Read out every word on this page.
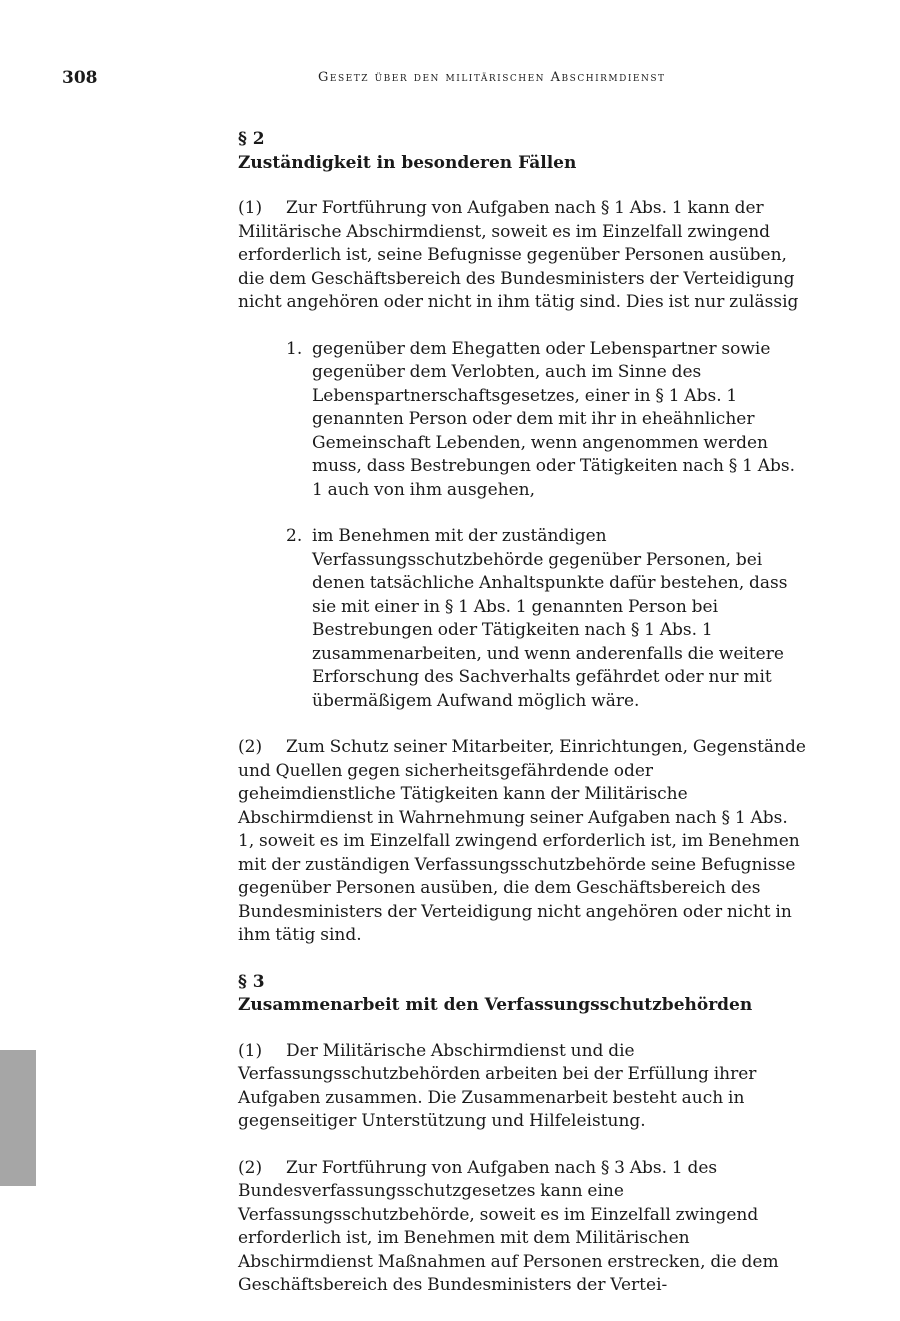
308	Gesetz über den militärischen Abschirmdienst
§ 2
Zuständigkeit in besonderen Fällen

(1) Zur Fortführung von Aufgaben nach § 1 Abs. 1 kann der Militärische Abschirmdienst, soweit es im Einzelfall zwingend erforderlich ist, seine Befugnisse gegenüber Personen ausüben, die dem Geschäftsbereich des Bundesministers der Verteidigung nicht angehören oder nicht in ihm tätig sind. Dies ist nur zulässig

1. gegenüber dem Ehegatten oder Lebenspartner sowie gegenüber dem Verlobten, auch im Sinne des Lebenspartnerschaftsgesetzes, einer in § 1 Abs. 1 genannten Person oder dem mit ihr in eheähnlicher Gemeinschaft Lebenden, wenn angenommen werden muss, dass Bestrebungen oder Tätigkeiten nach § 1 Abs. 1 auch von ihm ausgehen,
2. im Benehmen mit der zuständigen Verfassungsschutzbehörde gegenüber Personen, bei denen tatsächliche Anhaltspunkte dafür bestehen, dass sie mit einer in § 1 Abs. 1 genannten Person bei Bestrebungen oder Tätigkeiten nach § 1 Abs. 1 zusammenarbeiten, und wenn anderenfalls die weitere Erforschung des Sachverhalts gefährdet oder nur mit übermäßigem Aufwand möglich wäre.

(2) Zum Schutz seiner Mitarbeiter, Einrichtungen, Gegenstände und Quellen gegen sicherheitsgefährdende oder geheimdienstliche Tätigkeiten kann der Militärische Abschirmdienst in Wahrnehmung seiner Aufgaben nach § 1 Abs. 1, soweit es im Einzelfall zwingend erforderlich ist, im Benehmen mit der zuständigen Verfassungsschutzbehörde seine Befugnisse gegenüber Personen ausüben, die dem Geschäftsbereich des Bundesministers der Verteidigung nicht angehören oder nicht in ihm tätig sind.

§ 3
Zusammenarbeit mit den Verfassungsschutzbehörden

(1) Der Militärische Abschirmdienst und die Verfassungsschutzbehörden arbeiten bei der Erfüllung ihrer Aufgaben zusammen. Die Zusammenarbeit besteht auch in gegenseitiger Unterstützung und Hilfeleistung.

(2) Zur Fortführung von Aufgaben nach § 3 Abs. 1 des Bundesverfassungsschutzgesetzes kann eine Verfassungsschutzbehörde, soweit es im Einzelfall zwingend erforderlich ist, im Benehmen mit dem Militärischen Abschirmdienst Maßnahmen auf Personen erstrecken, die dem Geschäftsbereich des Bundesministers der Vertei-
